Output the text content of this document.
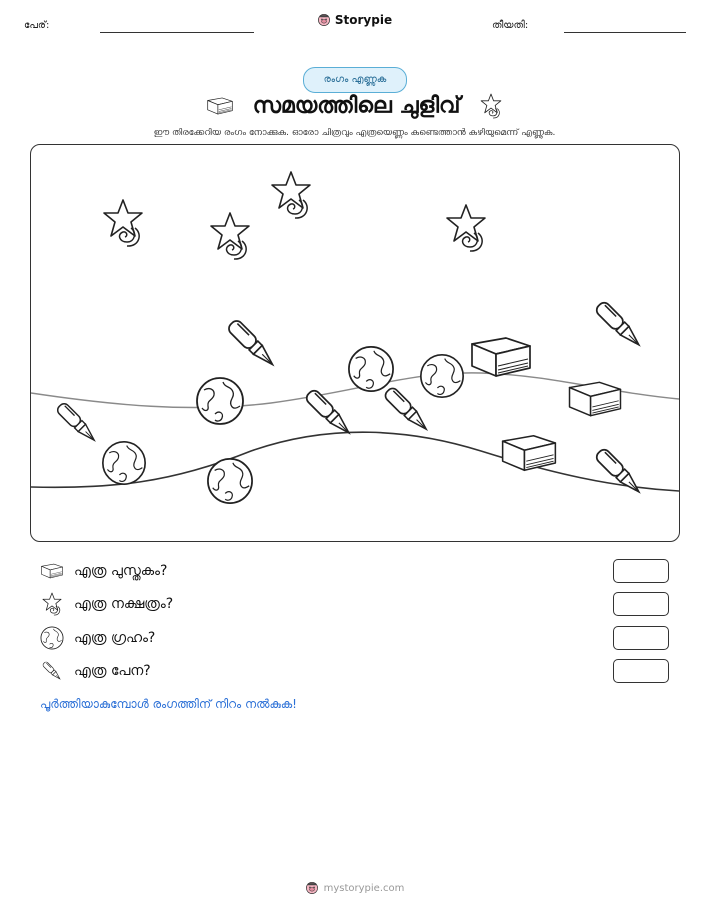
പേര്:	Storypie	തീയതി:
രംഗം എണ്ണുക
സമയത്തിലെ ചുളിവ്
ഈ തിരക്കേറിയ രംഗം നോക്കുക. ഓരോ ചിത്രവും എത്രയെണ്ണം കണ്ടെത്താൻ കഴിയുമെന്ന് എണ്ണുക.
എത്ര പുസ്തകം?
എത്ര നക്ഷത്രം?
എത്ര ഗ്രഹം?
എത്ര പേന?
പൂർത്തിയാകുമ്പോൾ രംഗത്തിന് നിറം നൽകുക!
mystorypie.com
